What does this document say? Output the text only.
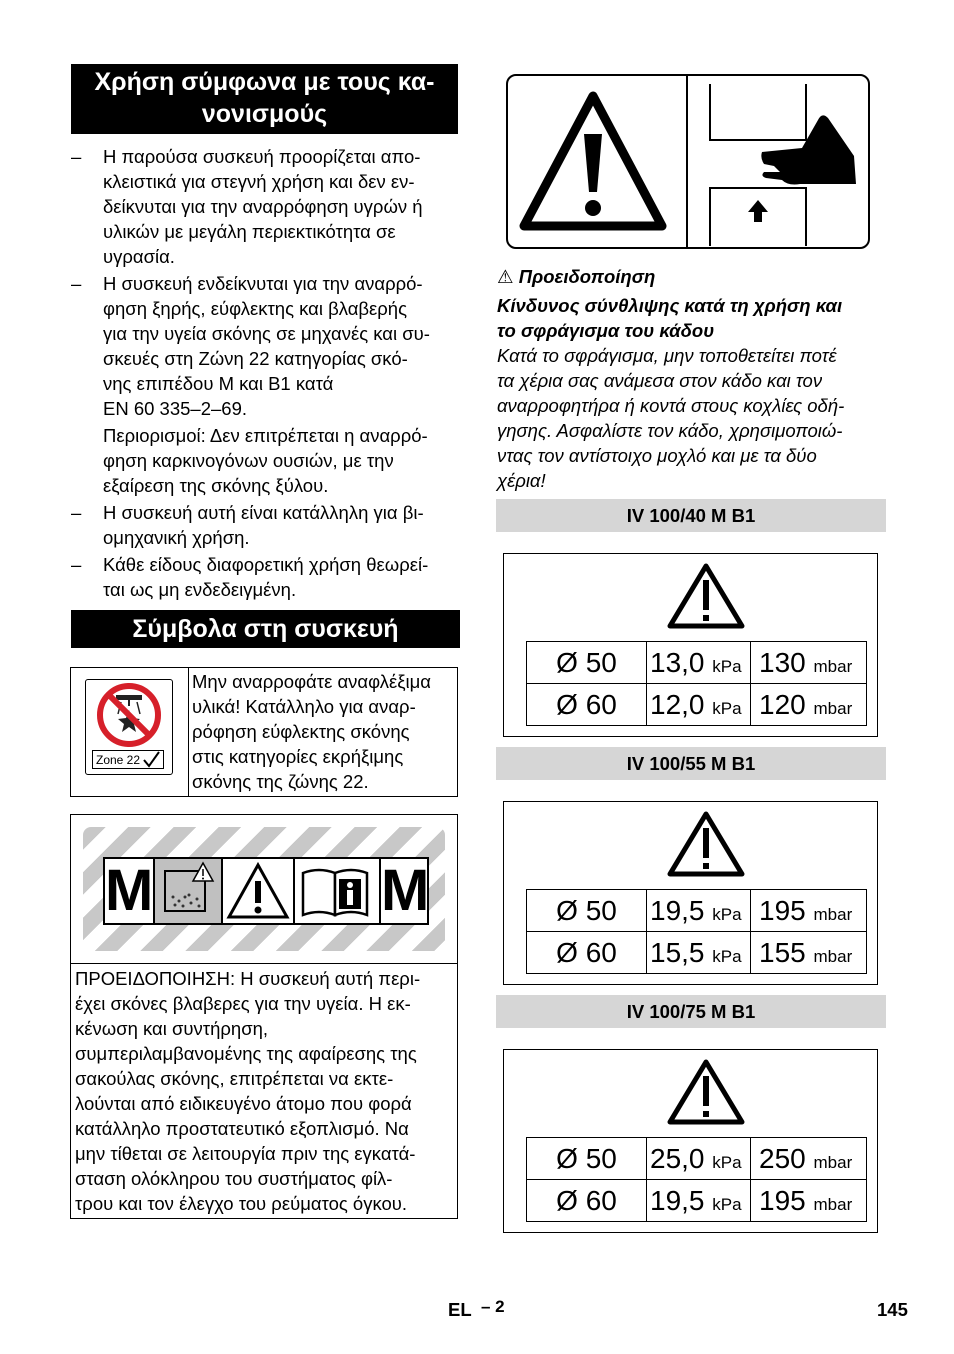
Χρήση σύμφωνα με τους κα-
νονισμούς
– Η παρούσα συσκευή προορίζεται απο-
κλειστικά για στεγνή χρήση και δεν εν-
δείκνυται για την αναρρόφηση υγρών ή
υλικών με μεγάλη περιεκτικότητα σε
υγρασία.
– Η συσκευή ενδείκνυται για την αναρρό-
φηση ξηρής, εύφλεκτης και βλαβερής
για την υγεία σκόνης σε μηχανές και συ-
σκευές στη Ζώνη 22 κατηγορίας σκό-
νης επιπέδου M και B1 κατά
EN 60 335–2–69.
Περιορισμοί: Δεν επιτρέπεται η αναρρό-
φηση καρκινογόνων ουσιών, με την
εξαίρεση της σκόνης ξύλου.
– Η συσκευή αυτή είναι κατάλληλη για βι-
ομηχανική χρήση.
– Κάθε είδους διαφορετική χρήση θεωρεί-
ται ως μη ενδεδειγμένη.
Σύμβολα στη συσκευή
Zone 22
Μην αναρροφάτε αναφλέξιμα
υλικά! Κατάλληλο για αναρ-
ρόφηση εύφλεκτης σκόνης
στις κατηγορίες εκρήξιμης
σκόνης της ζώνης 22.
M	M
ΠΡΟΕΙΔΟΠΟΙΗΣΗ: Η συσκευή αυτή περι-
έχει σκόνες βλαβερες για την υγεία. Η εκ-
κένωση και συντήρηση,
συμπεριλαμβανομένης της αφαίρεσης της
σακούλας σκόνης, επιτρέπεται να εκτε-
λούνται από ειδικευγένο άτομο που φορά
κατάλληλο προστατευτικό εξοπλισμό. Να
μην τίθεται σε λειτουργία πριν της εγκατά-
σταση ολόκληρου του συστήματος φίλ-
τρου και τον έλεγχο του ρεύματος όγκου.
⚠ Προειδοποίηση
Κίνδυνος σύνθλιψης κατά τη χρήση και
το σφράγισμα του κάδου
Κατά το σφράγισμα, μην τοποθετείτει ποτέ
τα χέρια σας ανάμεσα στον κάδο και τον
αναρροφητήρα ή κοντά στους κοχλίες οδή-
γησης. Ασφαλίστε τον κάδο, χρησιμοποιώ-
ντας τον αντίστοιχο μοχλό και με τα δύο
χέρια!
IV 100/40 M B1
Ø 50	13,0 kPa	130 mbar
Ø 60	12,0 kPa	120 mbar
IV 100/55 M B1
Ø 50	19,5 kPa	195 mbar
Ø 60	15,5 kPa	155 mbar
IV 100/75 M B1
Ø 50	25,0 kPa	250 mbar
Ø 60	19,5 kPa	195 mbar
EL – 2	145
